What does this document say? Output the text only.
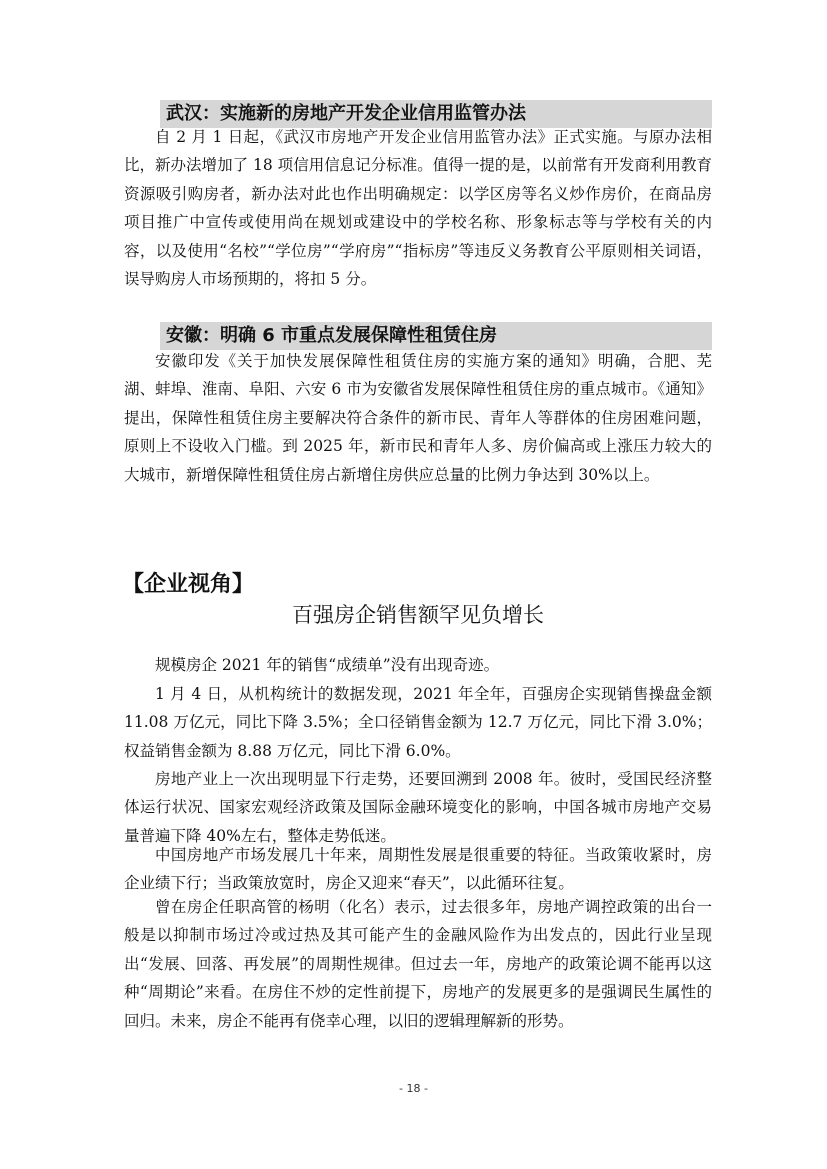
武汉：实施新的房地产开发企业信用监管办法

自 2 月 1 日起，《武汉市房地产开发企业信用监管办法》正式实施。与原办法相比，新办法增加了 18 项信用信息记分标准。值得一提的是，以前常有开发商利用教育资源吸引购房者，新办法对此也作出明确规定：以学区房等名义炒作房价，在商品房项目推广中宣传或使用尚在规划或建设中的学校名称、形象标志等与学校有关的内容，以及使用“名校”“学位房”“学府房”“指标房”等违反义务教育公平原则相关词语，误导购房人市场预期的，将扣 5 分。

安徽：明确 6 市重点发展保障性租赁住房

安徽印发《关于加快发展保障性租赁住房的实施方案的通知》明确，合肥、芜湖、蚌埠、淮南、阜阳、六安 6 市为安徽省发展保障性租赁住房的重点城市。《通知》提出，保障性租赁住房主要解决符合条件的新市民、青年人等群体的住房困难问题，原则上不设收入门槛。到 2025 年，新市民和青年人多、房价偏高或上涨压力较大的大城市，新增保障性租赁住房占新增住房供应总量的比例力争达到 30%以上。

【企业视角】
百强房企销售额罕见负增长

规模房企 2021 年的销售“成绩单”没有出现奇迹。

1 月 4 日，从机构统计的数据发现，2021 年全年，百强房企实现销售操盘金额 11.08 万亿元，同比下降 3.5%；全口径销售金额为 12.7 万亿元，同比下滑 3.0%；权益销售金额为 8.88 万亿元，同比下滑 6.0%。

房地产业上一次出现明显下行走势，还要回溯到 2008 年。彼时，受国民经济整体运行状况、国家宏观经济政策及国际金融环境变化的影响，中国各城市房地产交易量普遍下降 40%左右，整体走势低迷。

中国房地产市场发展几十年来，周期性发展是很重要的特征。当政策收紧时，房企业绩下行；当政策放宽时，房企又迎来“春天”，以此循环往复。

曾在房企任职高管的杨明（化名）表示，过去很多年，房地产调控政策的出台一般是以抑制市场过冷或过热及其可能产生的金融风险作为出发点的，因此行业呈现出“发展、回落、再发展”的周期性规律。但过去一年，房地产的政策论调不能再以这种“周期论”来看。在房住不炒的定性前提下，房地产的发展更多的是强调民生属性的回归。未来，房企不能再有侥幸心理，以旧的逻辑理解新的形势。

- 18 -
